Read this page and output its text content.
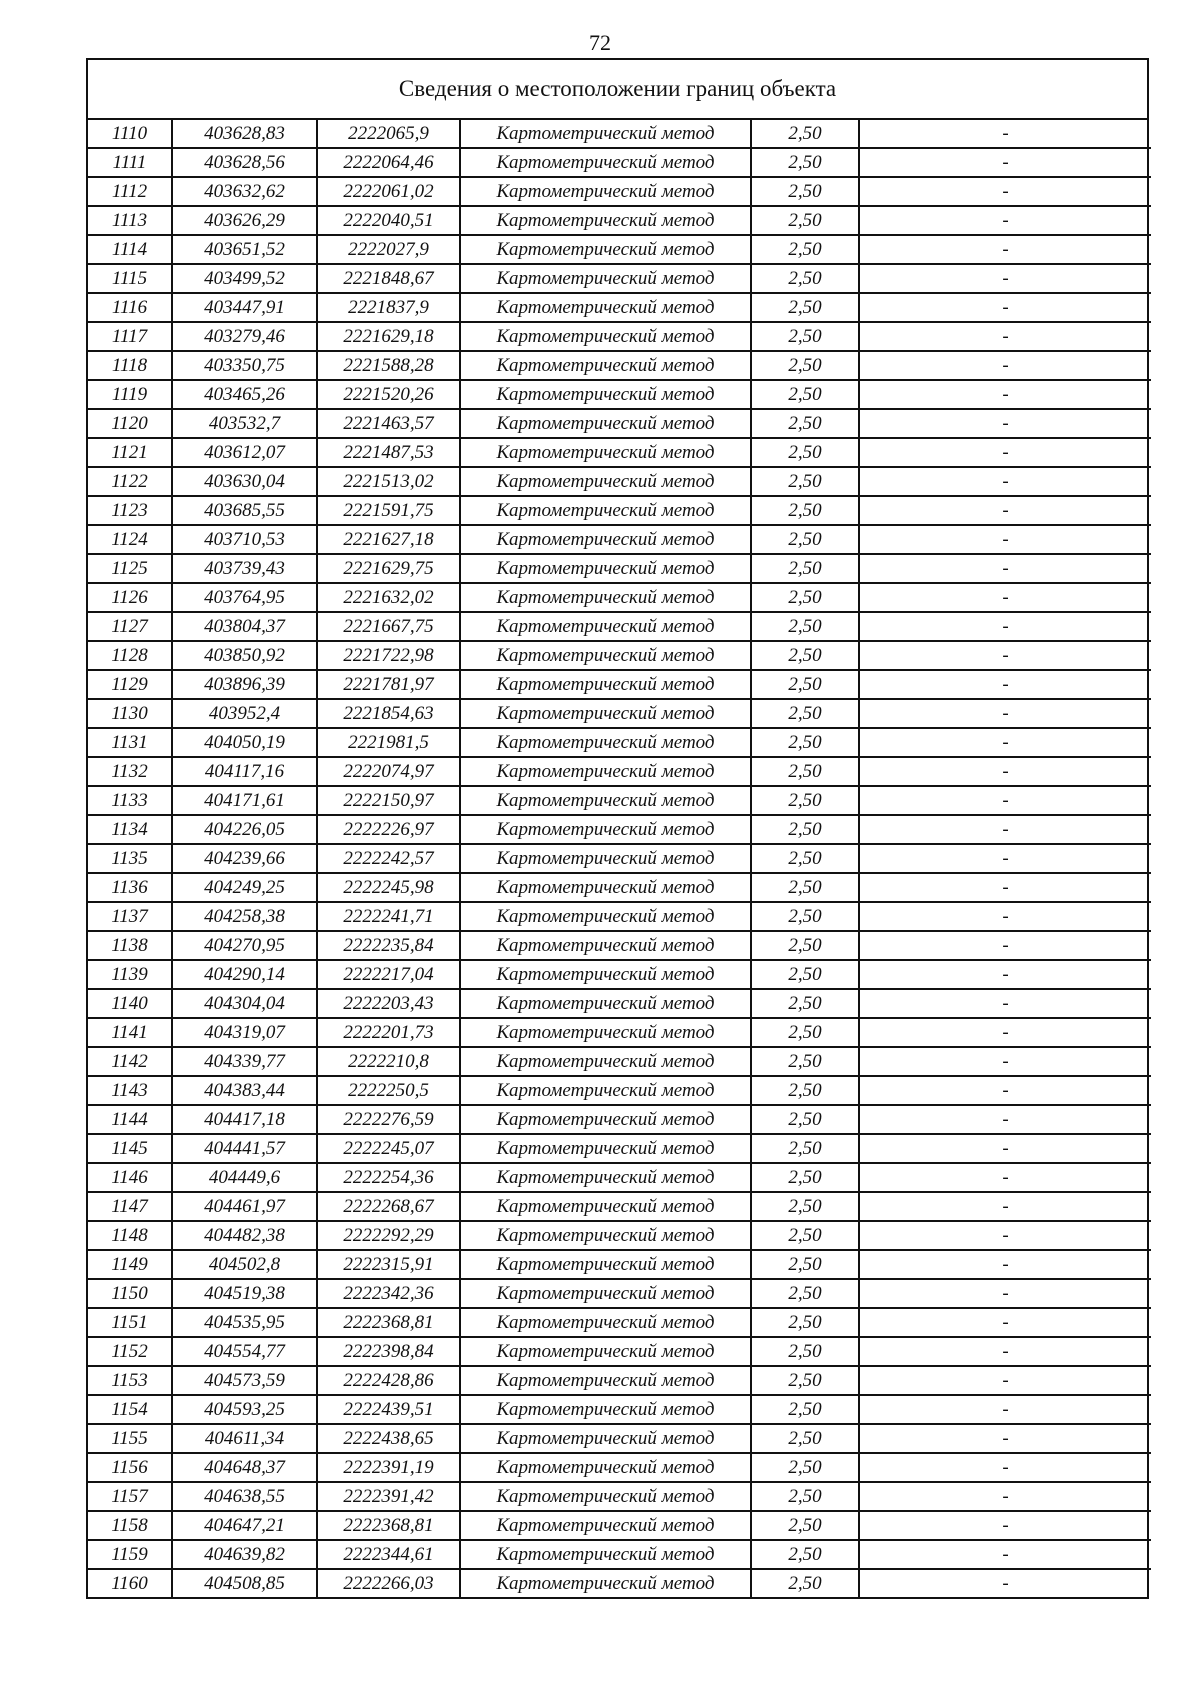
72
Сведения о местоположении границ объекта
1110	403628,83	2222065,9	Картометрический метод	2,50	-
1111	403628,56	2222064,46	Картометрический метод	2,50	-
1112	403632,62	2222061,02	Картометрический метод	2,50	-
1113	403626,29	2222040,51	Картометрический метод	2,50	-
1114	403651,52	2222027,9	Картометрический метод	2,50	-
1115	403499,52	2221848,67	Картометрический метод	2,50	-
1116	403447,91	2221837,9	Картометрический метод	2,50	-
1117	403279,46	2221629,18	Картометрический метод	2,50	-
1118	403350,75	2221588,28	Картометрический метод	2,50	-
1119	403465,26	2221520,26	Картометрический метод	2,50	-
1120	403532,7	2221463,57	Картометрический метод	2,50	-
1121	403612,07	2221487,53	Картометрический метод	2,50	-
1122	403630,04	2221513,02	Картометрический метод	2,50	-
1123	403685,55	2221591,75	Картометрический метод	2,50	-
1124	403710,53	2221627,18	Картометрический метод	2,50	-
1125	403739,43	2221629,75	Картометрический метод	2,50	-
1126	403764,95	2221632,02	Картометрический метод	2,50	-
1127	403804,37	2221667,75	Картометрический метод	2,50	-
1128	403850,92	2221722,98	Картометрический метод	2,50	-
1129	403896,39	2221781,97	Картометрический метод	2,50	-
1130	403952,4	2221854,63	Картометрический метод	2,50	-
1131	404050,19	2221981,5	Картометрический метод	2,50	-
1132	404117,16	2222074,97	Картометрический метод	2,50	-
1133	404171,61	2222150,97	Картометрический метод	2,50	-
1134	404226,05	2222226,97	Картометрический метод	2,50	-
1135	404239,66	2222242,57	Картометрический метод	2,50	-
1136	404249,25	2222245,98	Картометрический метод	2,50	-
1137	404258,38	2222241,71	Картометрический метод	2,50	-
1138	404270,95	2222235,84	Картометрический метод	2,50	-
1139	404290,14	2222217,04	Картометрический метод	2,50	-
1140	404304,04	2222203,43	Картометрический метод	2,50	-
1141	404319,07	2222201,73	Картометрический метод	2,50	-
1142	404339,77	2222210,8	Картометрический метод	2,50	-
1143	404383,44	2222250,5	Картометрический метод	2,50	-
1144	404417,18	2222276,59	Картометрический метод	2,50	-
1145	404441,57	2222245,07	Картометрический метод	2,50	-
1146	404449,6	2222254,36	Картометрический метод	2,50	-
1147	404461,97	2222268,67	Картометрический метод	2,50	-
1148	404482,38	2222292,29	Картометрический метод	2,50	-
1149	404502,8	2222315,91	Картометрический метод	2,50	-
1150	404519,38	2222342,36	Картометрический метод	2,50	-
1151	404535,95	2222368,81	Картометрический метод	2,50	-
1152	404554,77	2222398,84	Картометрический метод	2,50	-
1153	404573,59	2222428,86	Картометрический метод	2,50	-
1154	404593,25	2222439,51	Картометрический метод	2,50	-
1155	404611,34	2222438,65	Картометрический метод	2,50	-
1156	404648,37	2222391,19	Картометрический метод	2,50	-
1157	404638,55	2222391,42	Картометрический метод	2,50	-
1158	404647,21	2222368,81	Картометрический метод	2,50	-
1159	404639,82	2222344,61	Картометрический метод	2,50	-
1160	404508,85	2222266,03	Картометрический метод	2,50	-
